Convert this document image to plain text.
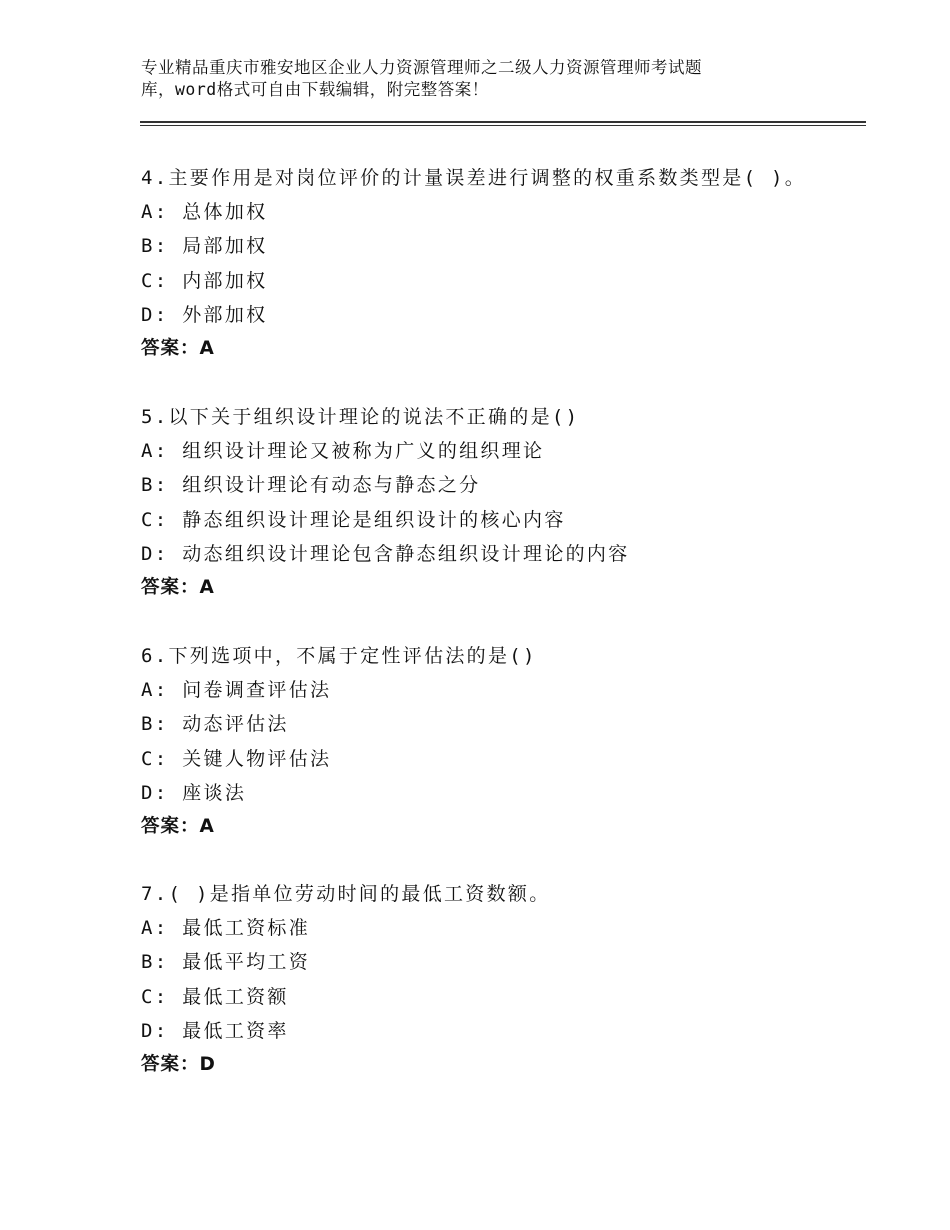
专业精品重庆市雅安地区企业人力资源管理师之二级人力资源管理师考试题
库，word格式可自由下载编辑，附完整答案！
4.主要作用是对岗位评价的计量误差进行调整的权重系数类型是( )。
A: 总体加权
B: 局部加权
C: 内部加权
D: 外部加权
答案：A
5.以下关于组织设计理论的说法不正确的是()
A: 组织设计理论又被称为广义的组织理论
B: 组织设计理论有动态与静态之分
C: 静态组织设计理论是组织设计的核心内容
D: 动态组织设计理论包含静态组织设计理论的内容
答案：A
6.下列选项中，不属于定性评估法的是()
A: 问卷调查评估法
B: 动态评估法
C: 关键人物评估法
D: 座谈法
答案：A
7.( )是指单位劳动时间的最低工资数额。
A: 最低工资标准
B: 最低平均工资
C: 最低工资额
D: 最低工资率
答案：D
